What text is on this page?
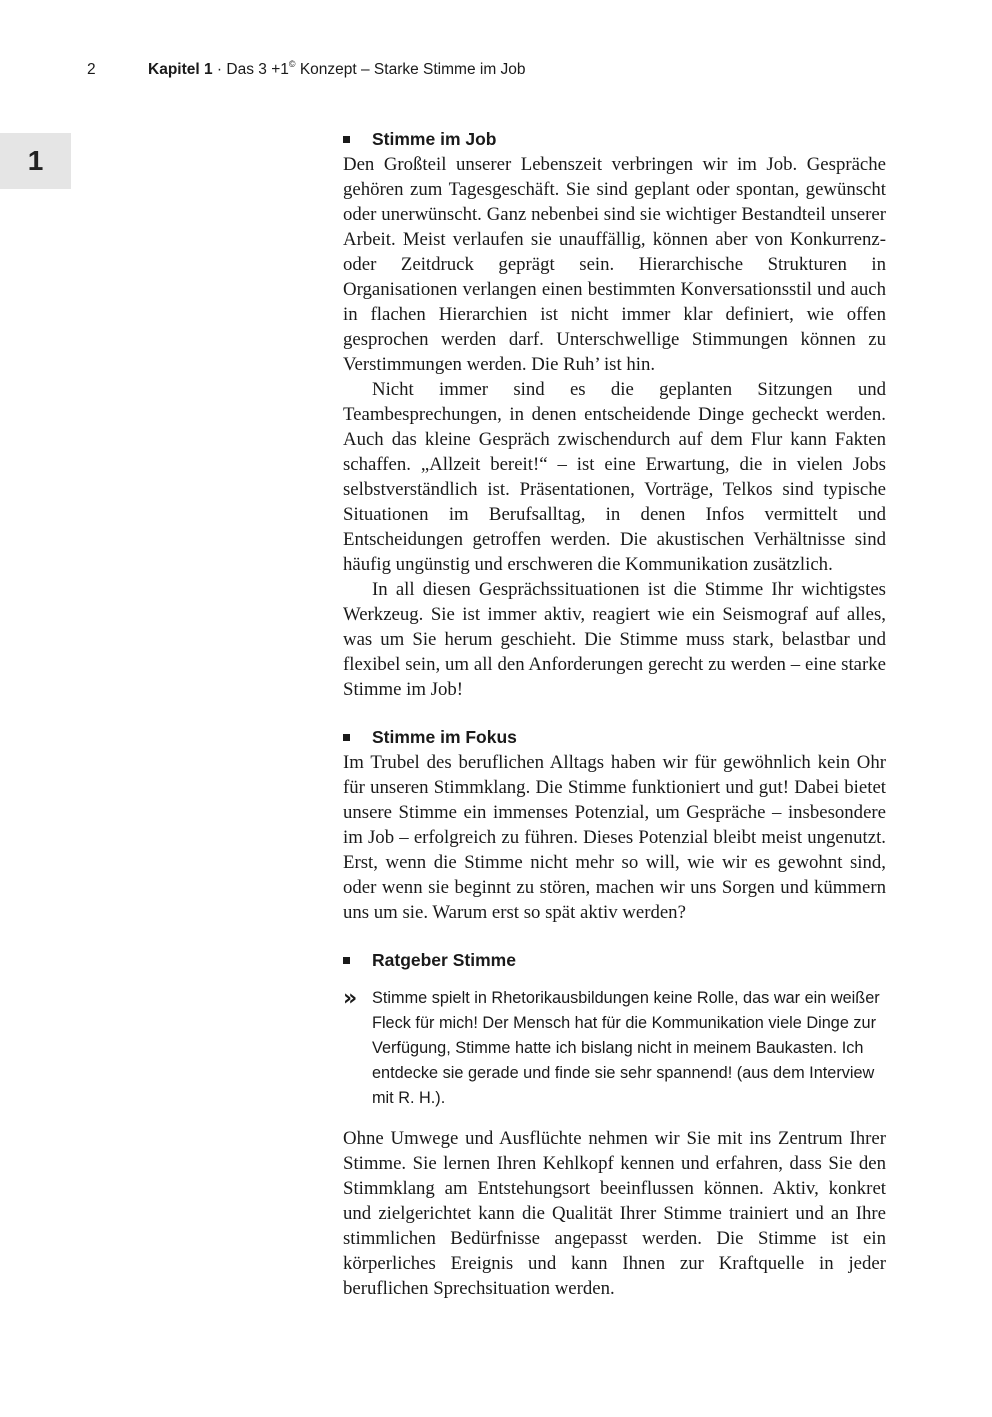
2	Kapitel 1 · Das 3 +1© Konzept – Starke Stimme im Job
1
Stimme im Job

Den Großteil unserer Lebenszeit verbringen wir im Job. Gespräche gehören zum Tagesgeschäft. Sie sind geplant oder spontan, gewünscht oder unerwünscht. Ganz nebenbei sind sie wichtiger Bestandteil unserer Arbeit. Meist verlaufen sie unauffällig, können aber von Konkurrenz- oder Zeitdruck geprägt sein. Hierarchische Strukturen in Organisationen verlangen einen bestimmten Konversationsstil und auch in flachen Hierarchien ist nicht immer klar definiert, wie offen gesprochen werden darf. Unterschwellige Stimmungen können zu Verstimmungen werden. Die Ruh’ ist hin.

Nicht immer sind es die geplanten Sitzungen und Teambesprechungen, in denen entscheidende Dinge gecheckt werden. Auch das kleine Gespräch zwischendurch auf dem Flur kann Fakten schaffen. „Allzeit bereit!“ – ist eine Erwartung, die in vielen Jobs selbstverständlich ist. Präsentationen, Vorträge, Telkos sind typische Situationen im Berufsalltag, in denen Infos vermittelt und Entscheidungen getroffen werden. Die akustischen Verhältnisse sind häufig ungünstig und erschweren die Kommunikation zusätzlich.

In all diesen Gesprächssituationen ist die Stimme Ihr wichtigstes Werkzeug. Sie ist immer aktiv, reagiert wie ein Seismograf auf alles, was um Sie herum geschieht. Die Stimme muss stark, belastbar und flexibel sein, um all den Anforderungen gerecht zu werden – eine starke Stimme im Job!

Stimme im Fokus

Im Trubel des beruflichen Alltags haben wir für gewöhnlich kein Ohr für unseren Stimmklang. Die Stimme funktioniert und gut! Dabei bietet unsere Stimme ein immenses Potenzial, um Gespräche – insbesondere im Job – erfolgreich zu führen. Dieses Potenzial bleibt meist ungenutzt. Erst, wenn die Stimme nicht mehr so will, wie wir es gewohnt sind, oder wenn sie beginnt zu stören, machen wir uns Sorgen und kümmern uns um sie. Warum erst so spät aktiv werden?

Ratgeber Stimme
» Stimme spielt in Rhetorikausbildungen keine Rolle, das war ein weißer Fleck für mich! Der Mensch hat für die Kommunikation viele Dinge zur Verfügung, Stimme hatte ich bislang nicht in meinem Baukasten. Ich entdecke sie gerade und finde sie sehr spannend! (aus dem Interview mit R. H.).

Ohne Umwege und Ausflüchte nehmen wir Sie mit ins Zentrum Ihrer Stimme. Sie lernen Ihren Kehlkopf kennen und erfahren, dass Sie den Stimmklang am Entstehungsort beeinflussen können. Aktiv, konkret und zielgerichtet kann die Qualität Ihrer Stimme trainiert und an Ihre stimmlichen Bedürfnisse angepasst werden. Die Stimme ist ein körperliches Ereignis und kann Ihnen zur Kraftquelle in jeder beruflichen Sprechsituation werden.
